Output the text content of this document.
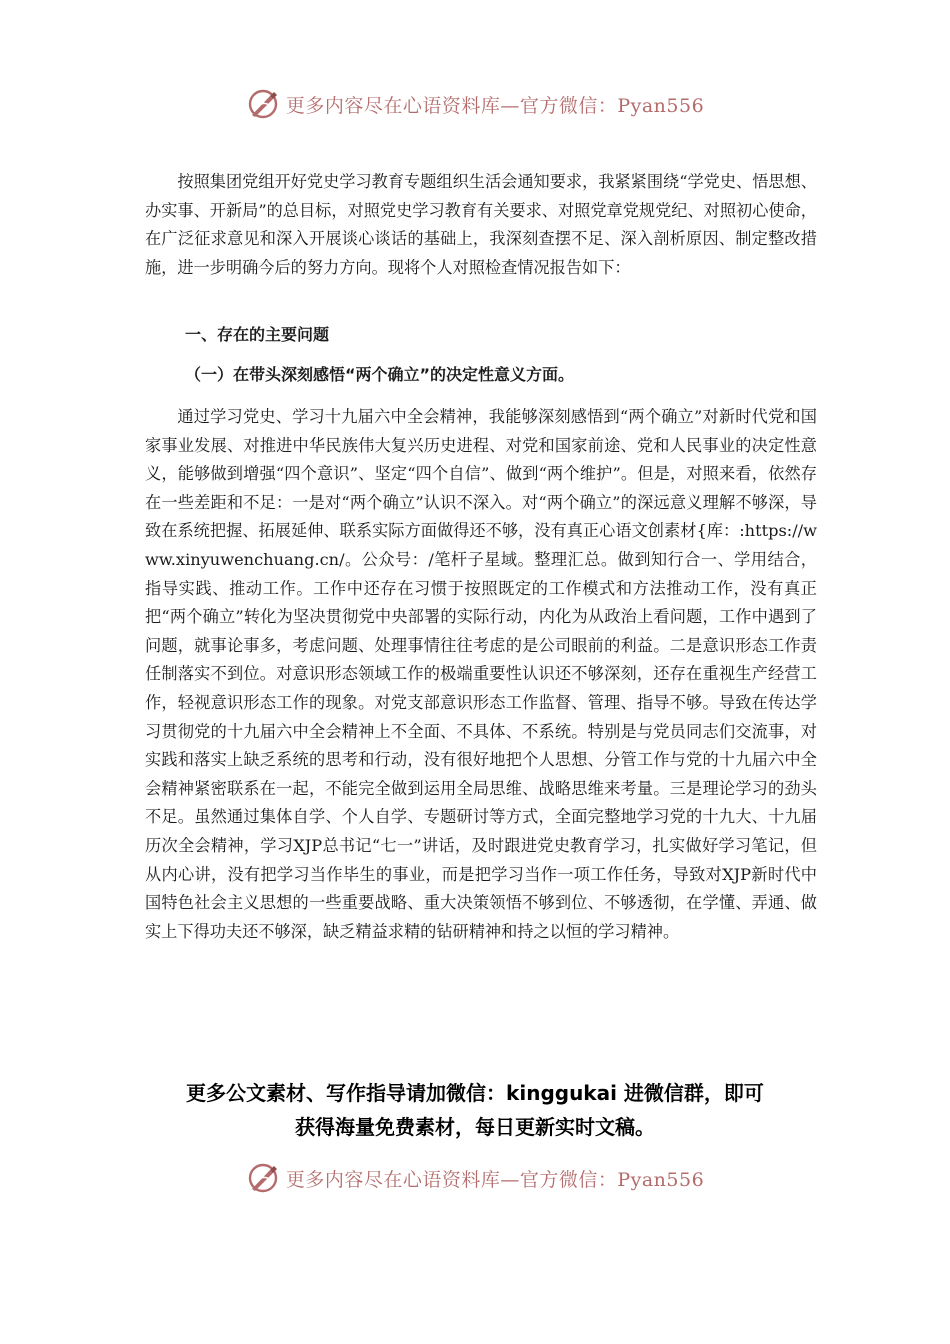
更多内容尽在心语资料库—官方微信：Pyan556

按照集团党组开好党史学习教育专题组织生活会通知要求，我紧紧围绕“学党史、悟思想、办实事、开新局”的总目标，对照党史学习教育有关要求、对照党章党规党纪、对照初心使命，在广泛征求意见和深入开展谈心谈话的基础上，我深刻查摆不足、深入剖析原因、制定整改措施，进一步明确今后的努力方向。现将个人对照检查情况报告如下：

一、存在的主要问题

（一）在带头深刻感悟“两个确立”的决定性意义方面。

通过学习党史、学习十九届六中全会精神，我能够深刻感悟到“两个确立”对新时代党和国家事业发展、对推进中华民族伟大复兴历史进程、对党和国家前途、党和人民事业的决定性意义，能够做到增强“四个意识”、坚定“四个自信”、做到“两个维护”。但是，对照来看，依然存在一些差距和不足：一是对“两个确立”认识不深入。对“两个确立”的深远意义理解不够深，导致在系统把握、拓展延伸、联系实际方面做得还不够，没有真正心语文创素材{库：:https://www.xinyuwenchuang.cn/。公众号：/笔杆子星域。整理汇总。做到知行合一、学用结合，指导实践、推动工作。工作中还存在习惯于按照既定的工作模式和方法推动工作，没有真正把“两个确立”转化为坚决贯彻党中央部署的实际行动，内化为从政治上看问题，工作中遇到了问题，就事论事多，考虑问题、处理事情往往考虑的是公司眼前的利益。二是意识形态工作责任制落实不到位。对意识形态领域工作的极端重要性认识还不够深刻，还存在重视生产经营工作，轻视意识形态工作的现象。对党支部意识形态工作监督、管理、指导不够。导致在传达学习贯彻党的十九届六中全会精神上不全面、不具体、不系统。特别是与党员同志们交流事，对实践和落实上缺乏系统的思考和行动，没有很好地把个人思想、分管工作与党的十九届六中全会精神紧密联系在一起，不能完全做到运用全局思维、战略思维来考量。三是理论学习的劲头不足。虽然通过集体自学、个人自学、专题研讨等方式，全面完整地学习党的十九大、十九届历次全会精神，学习XJP总书记“七一”讲话，及时跟进党史教育学习，扎实做好学习笔记，但从内心讲，没有把学习当作毕生的事业，而是把学习当作一项工作任务，导致对XJP新时代中国特色社会主义思想的一些重要战略、重大决策领悟不够到位、不够透彻，在学懂、弄通、做实上下得功夫还不够深，缺乏精益求精的钻研精神和持之以恒的学习精神。

更多公文素材、写作指导请加微信：kinggukai 进微信群，即可
获得海量免费素材，每日更新实时文稿。
更多内容尽在心语资料库—官方微信：Pyan556
